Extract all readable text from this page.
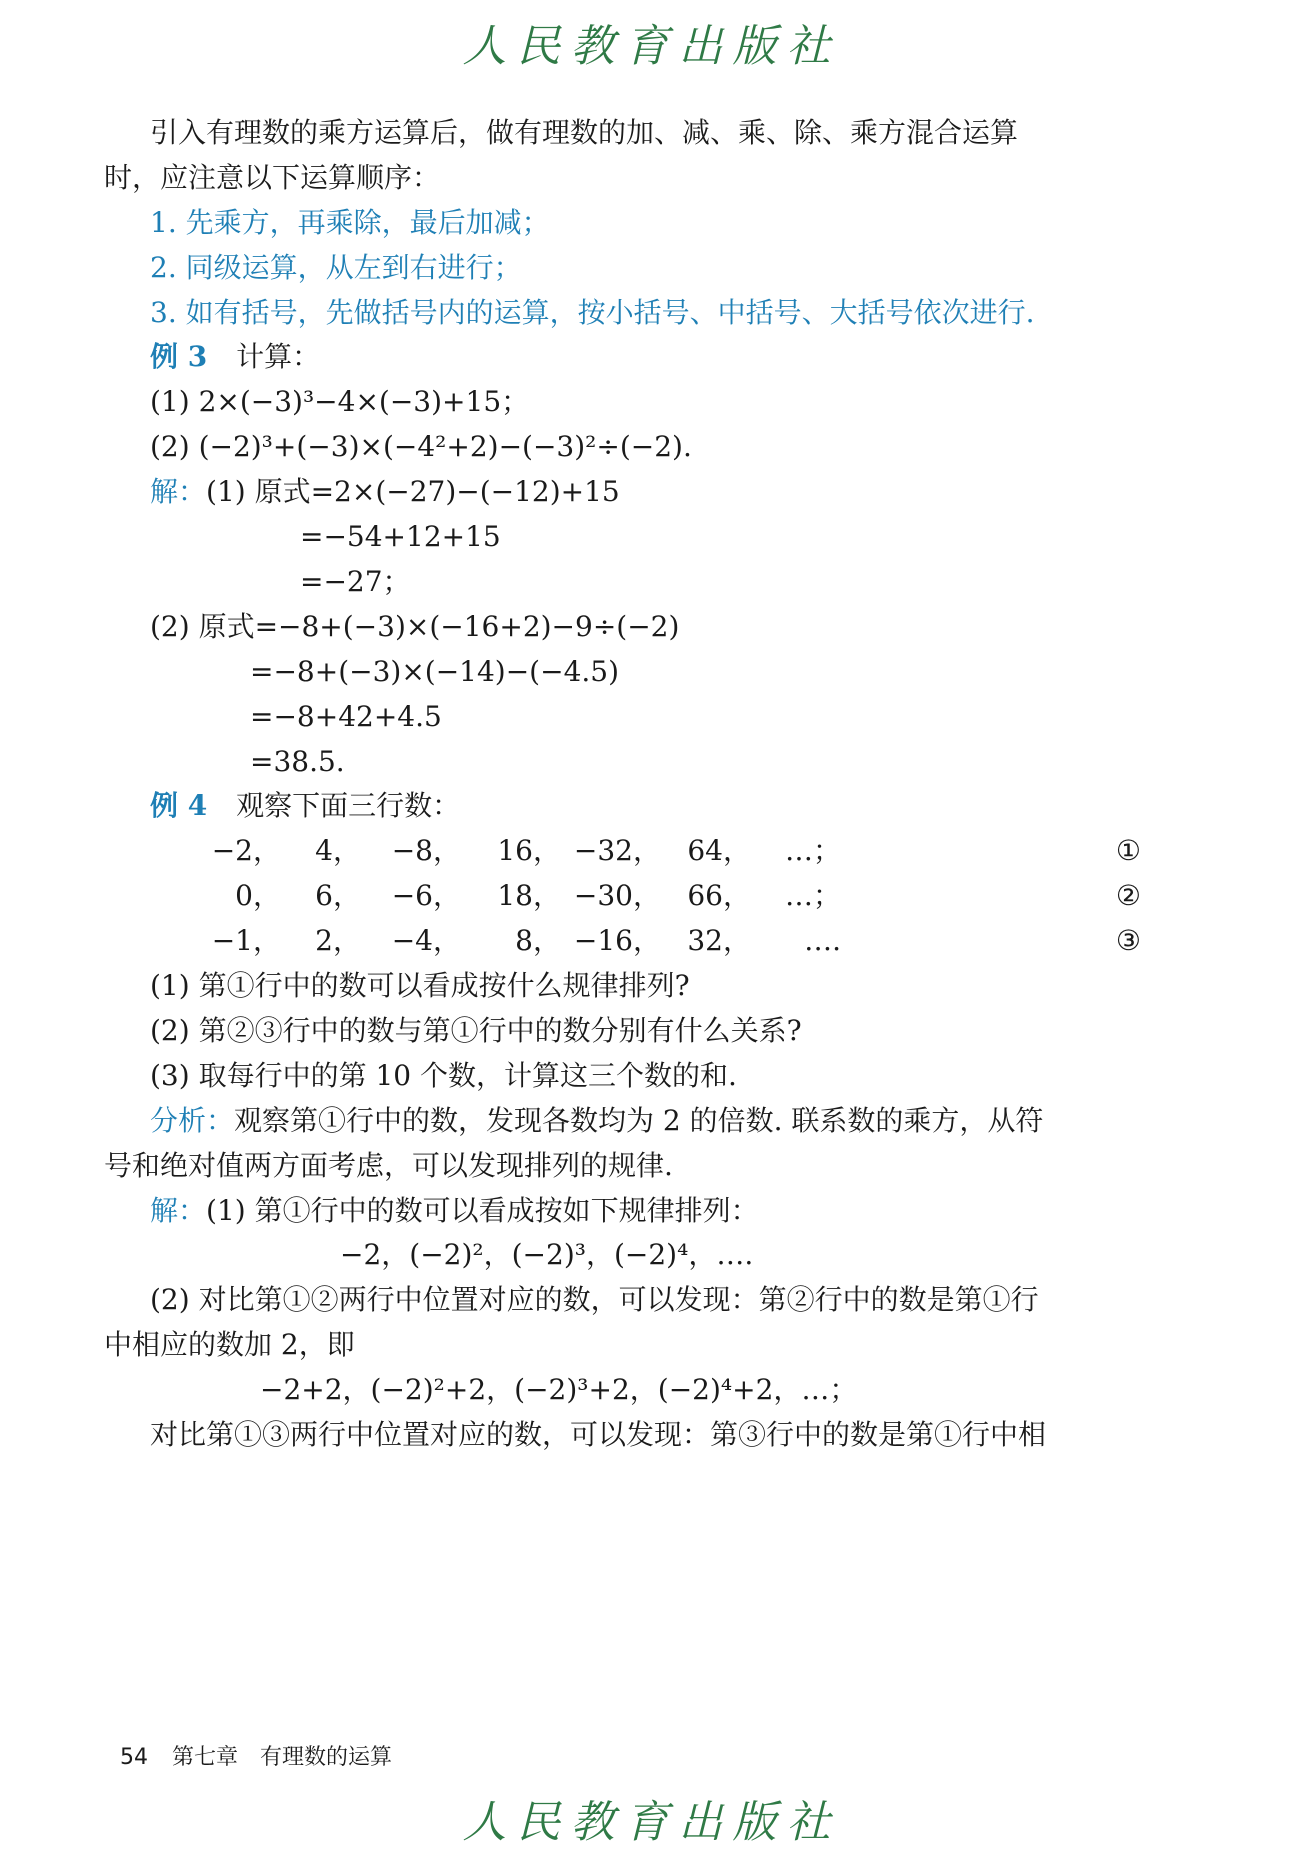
人民教育出版社
引入有理数的乘方运算后，做有理数的加、减、乘、除、乘方混合运算
时，应注意以下运算顺序：
1. 先乘方，再乘除，最后加减；
2. 同级运算，从左到右进行；
3. 如有括号，先做括号内的运算，按小括号、中括号、大括号依次进行.
例 3 计算：
(1) 2×(−3)³−4×(−3)+15；
(2) (−2)³+(−3)×(−4²+2)−(−3)²÷(−2).
解：(1) 原式=2×(−27)−(−12)+15
=−54+12+15
=−27；
(2) 原式=−8+(−3)×(−16+2)−9÷(−2)
=−8+(−3)×(−14)−(−4.5)
=−8+42+4.5
=38.5.
例 4 观察下面三行数：
−2， 4， −8， 16， −32， 64， …；	①
0， 6， −6， 18， −30， 66， …；	②
−1， 2， −4， 8， −16， 32， ….	③
(1) 第①行中的数可以看成按什么规律排列?
(2) 第②③行中的数与第①行中的数分别有什么关系?
(3) 取每行中的第 10 个数，计算这三个数的和.
分析：观察第①行中的数，发现各数均为 2 的倍数. 联系数的乘方，从符
号和绝对值两方面考虑，可以发现排列的规律.
解：(1) 第①行中的数可以看成按如下规律排列：
−2，(−2)²，(−2)³，(−2)⁴，….
(2) 对比第①②两行中位置对应的数，可以发现：第②行中的数是第①行
中相应的数加 2，即
−2+2，(−2)²+2，(−2)³+2，(−2)⁴+2，…；
对比第①③两行中位置对应的数，可以发现：第③行中的数是第①行中相
54 第七章　有理数的运算
人民教育出版社
